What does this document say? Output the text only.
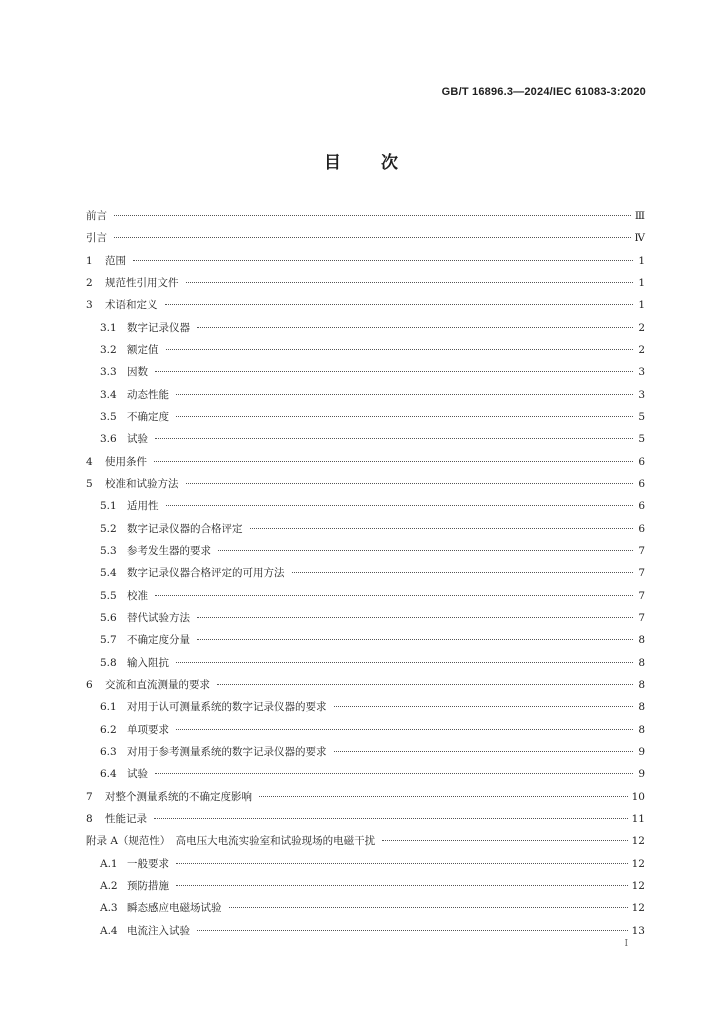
GB/T 16896.3—2024/IEC 61083-3:2020
目 次
前言	Ⅲ
引言	Ⅳ
1	范围	1
2	规范性引用文件	1
3	术语和定义	1
3.1 数字记录仪器	2
3.2 额定值	2
3.3 因数	3
3.4 动态性能	3
3.5 不确定度	5
3.6 试验	5
4	使用条件	6
5	校准和试验方法	6
5.1 适用性	6
5.2 数字记录仪器的合格评定	6
5.3 参考发生器的要求	7
5.4 数字记录仪器合格评定的可用方法	7
5.5 校准	7
5.6 替代试验方法	7
5.7 不确定度分量	8
5.8 输入阻抗	8
6	交流和直流测量的要求	8
6.1 对用于认可测量系统的数字记录仪器的要求	8
6.2 单项要求	8
6.3 对用于参考测量系统的数字记录仪器的要求	9
6.4 试验	9
7	对整个测量系统的不确定度影响	10
8	性能记录	11
附录 A（规范性）　高电压大电流实验室和试验现场的电磁干扰	12
A.1 一般要求	12
A.2 预防措施	12
A.3 瞬态感应电磁场试验	12
A.4 电流注入试验	13
I
